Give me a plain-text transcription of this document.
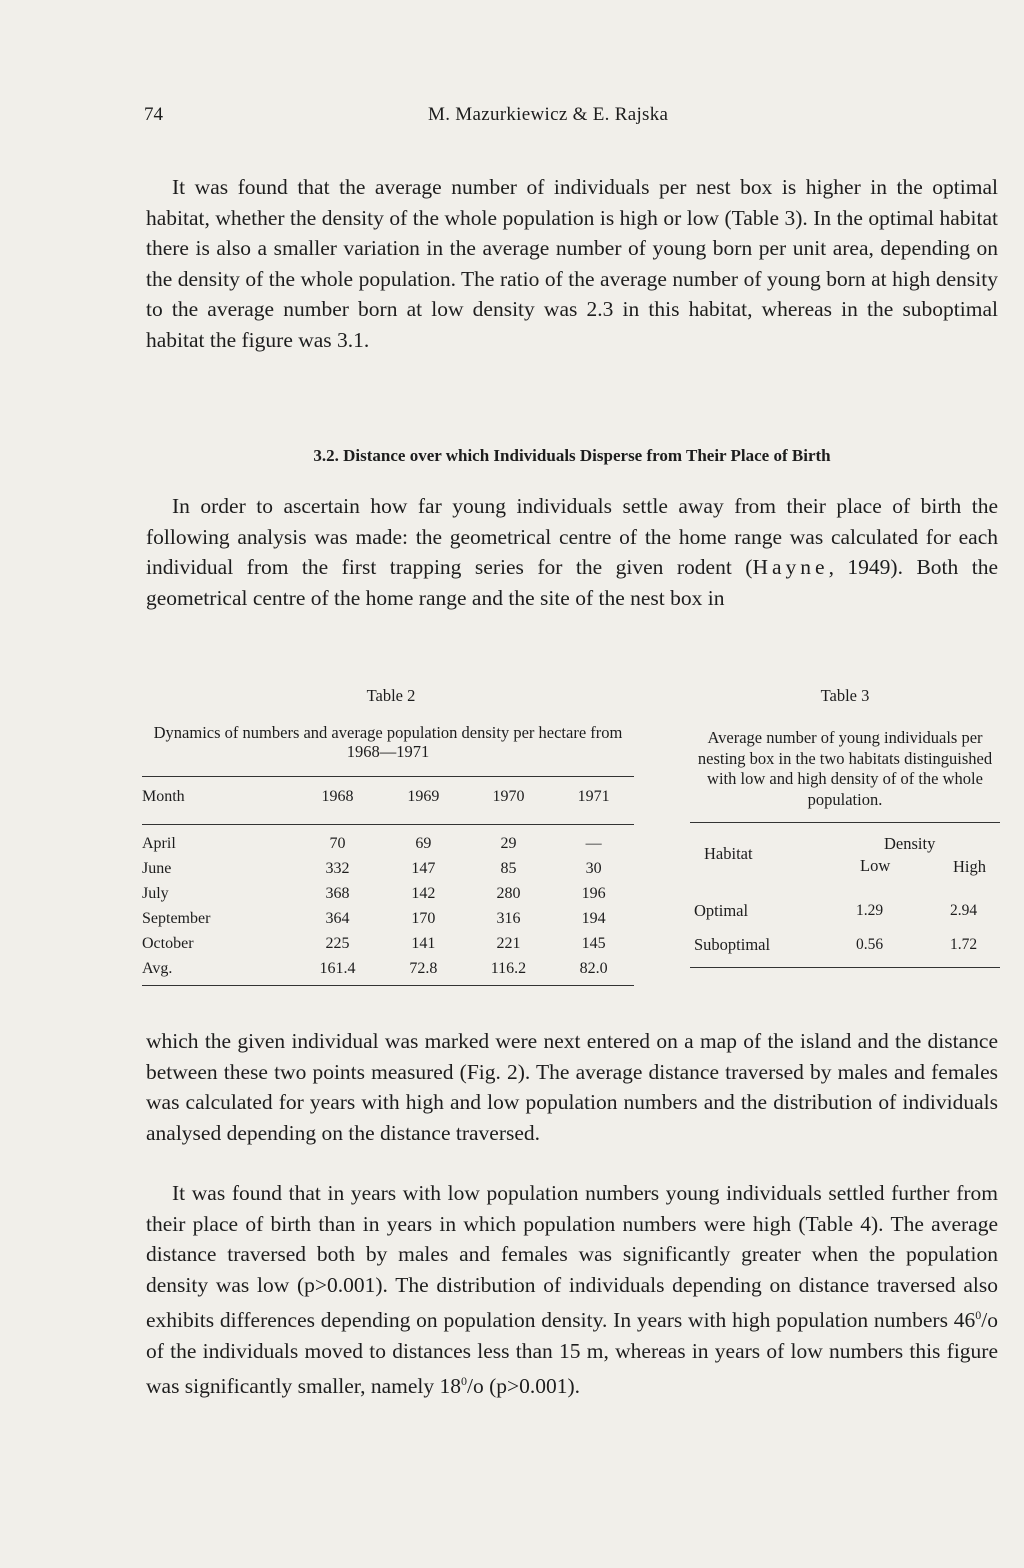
74	M. Mazurkiewicz & E. Rajska

It was found that the average number of individuals per nest box is higher in the optimal habitat, whether the density of the whole population is high or low (Table 3). In the optimal habitat there is also a smaller variation in the average number of young born per unit area, depending on the density of the whole population. The ratio of the average number of young born at high density to the average number born at low density was 2.3 in this habitat, whereas in the suboptimal habitat the figure was 3.1.

3.2. Distance over which Individuals Disperse from Their Place of Birth

In order to ascertain how far young individuals settle away from their place of birth the following analysis was made: the geometrical centre of the home range was calculated for each individual from the first trapping series for the given rodent (Hayne, 1949). Both the geometrical centre of the home range and the site of the nest box in

Table 2

Dynamics of numbers and average population density per hectare from 1968—1971

Month	1968	1969	1970	1971

April	70	69	29	—
June	332	147	85	30
July	368	142	280	196
September	364	170	316	194
October	225	141	221	145
Avg.	161.4	72.8	116.2	82.0

Table 3

Average number of young individuals per nesting box in the two habitats distinguished with low and high density of of the whole population.

Habitat
Density
Low	High
Optimal	1.29	2.94
Suboptimal	0.56	1.72

which the given individual was marked were next entered on a map of the island and the distance between these two points measured (Fig. 2). The average distance traversed by males and females was calculated for years with high and low population numbers and the distribution of individuals analysed depending on the distance traversed.

It was found that in years with low population numbers young individuals settled further from their place of birth than in years in which population numbers were high (Table 4). The average distance traversed both by males and females was significantly greater when the population density was low (p>0.001). The distribution of individuals depending on distance traversed also exhibits differences depending on population density. In years with high population numbers $46^0/o$ of the individuals moved to distances less than 15 m, whereas in years of low numbers this figure was significantly smaller, namely $18^0/o$ (p>0.001).
